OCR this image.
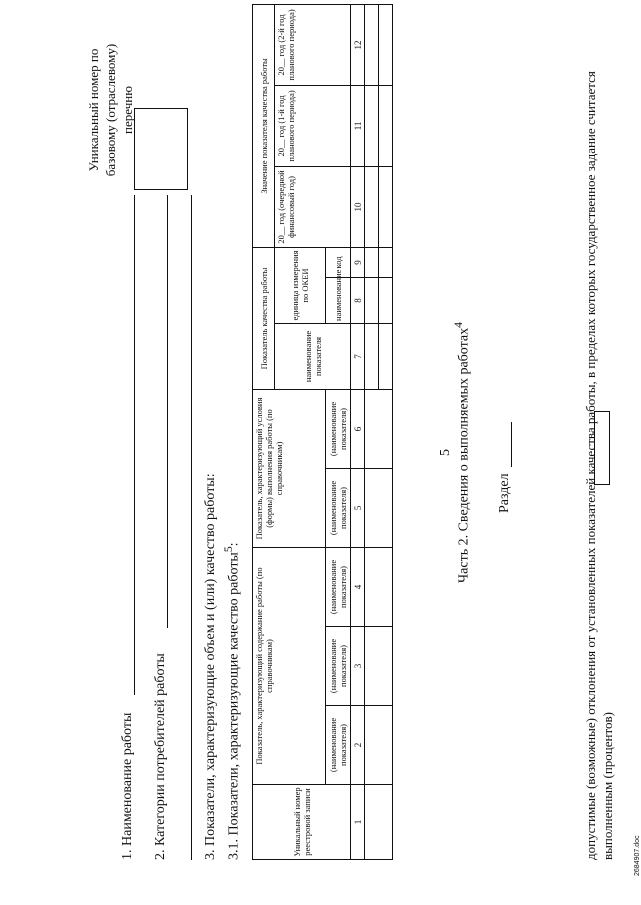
5 Часть 2. Сведения о выполняемых работах$^4$
Раздел
1. Наименование работы 2. Категории потребителей работы
Уникальный номер по базовому (отраслевому) перечню
3. Показатели, характеризующие объем и (или) качество работы: 3.1. Показатели, характеризующие качество работы$^5$:
Уникальный номер реестровой записи	Показатель, характеризующий содержание работы (по справочникам)			Показатель, характеризующий условия (формы) выполнения работы (по справочникам)		Показатель качества работы			Значение показателя качества работы		
						наименование показателя	единица измерения по ОКЕИ		20__ год (очередной финансовый год)	20__ год (1-й год планового периода)	20__ год (2-й год планового периода)
	(наименование показателя)	(наименование показателя)	(наименование показателя)	(наименование показателя)	(наименование показателя)		наименование	код			
1	2	3	4	5	6	7	8	9	10	11	12

допустимые (возможные) отклонения от установленных показателей качества работы, в пределах которых государственное задание считается выполненным (процентов)	2684907.doc
